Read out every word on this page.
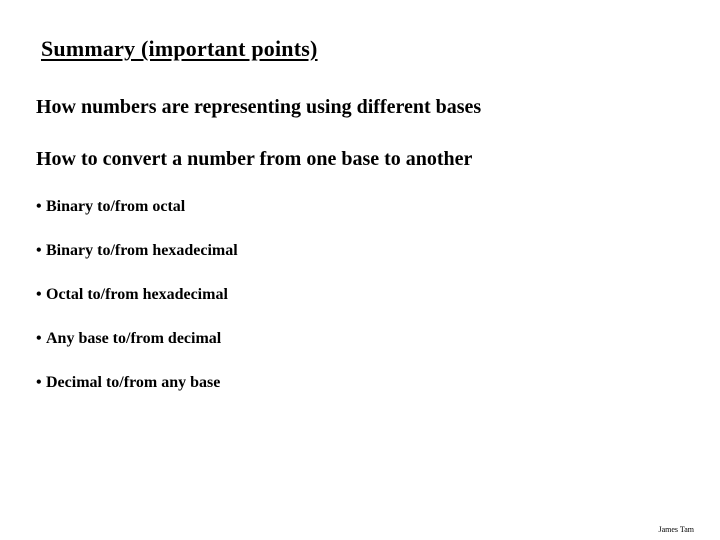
Summary (important points)
How numbers are representing using different bases
How to convert a number from one base to another
• Binary to/from octal
• Binary to/from hexadecimal
• Octal to/from hexadecimal
• Any base to/from decimal
• Decimal to/from any base
James Tam
